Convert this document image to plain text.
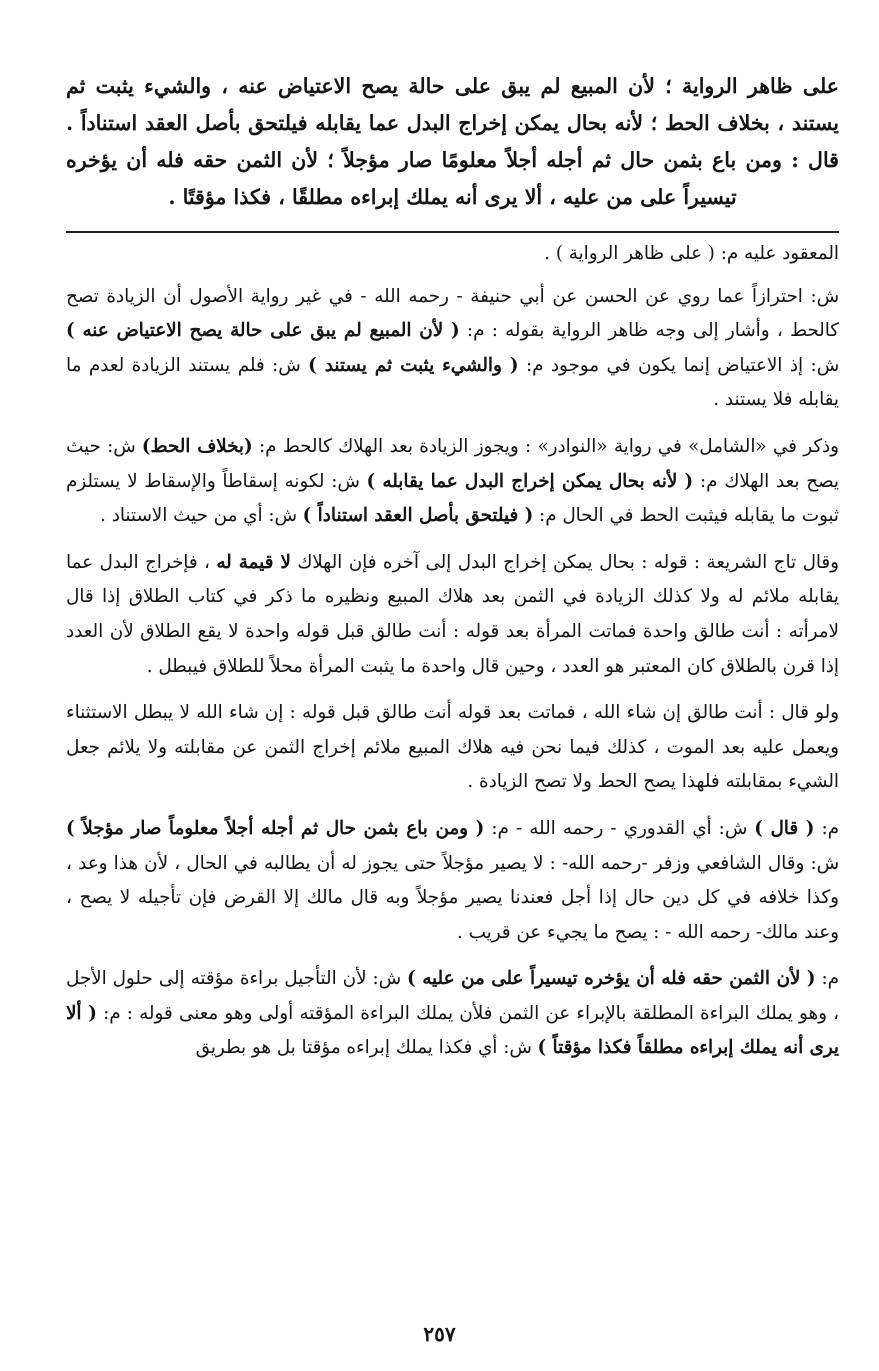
على ظاهر الرواية ؛ لأن المبيع لم يبق على حالة يصح الاعتياض عنه ، والشيء يثبت ثم يستند ، بخلاف الحط ؛ لأنه بحال يمكن إخراج البدل عما يقابله فيلتحق بأصل العقد استناداً . قال : ومن باع بثمن حال ثم أجله أجلاً معلومًا صار مؤجلاً ؛ لأن الثمن حقه فله أن يؤخره تيسيراً على من عليه ، ألا يرى أنه يملك إبراءه مطلقًا ، فكذا مؤقتًا .

المعقود عليه م: ( على ظاهر الرواية ) .

ش: احترازاً عما روي عن الحسن عن أبي حنيفة - رحمه الله - في غير رواية الأصول أن الزيادة تصح كالحط ، وأشار إلى وجه ظاهر الرواية بقوله : م: ( لأن المبيع لم يبق على حالة يصح الاعتياض عنه ) ش: إذ الاعتياض إنما يكون في موجود م: ( والشيء يثبت ثم يستند ) ش: فلم يستند الزيادة لعدم ما يقابله فلا يستند .

وذكر في «الشامل» في رواية «النوادر» : ويجوز الزيادة بعد الهلاك كالحط م: (بخلاف الحط) ش: حيث يصح بعد الهلاك م: ( لأنه بحال يمكن إخراج البدل عما يقابله ) ش: لكونه إسقاطاً والإسقاط لا يستلزم ثبوت ما يقابله فيثبت الحط في الحال م: ( فيلتحق بأصل العقد استناداً ) ش: أي من حيث الاستناد .

وقال تاج الشريعة : قوله : بحال يمكن إخراج البدل إلى آخره فإن الهلاك لا قيمة له ، فإخراج البدل عما يقابله ملائم له ولا كذلك الزيادة في الثمن بعد هلاك المبيع ونظيره ما ذكر في كتاب الطلاق إذا قال لامرأته : أنت طالق واحدة فماتت المرأة بعد قوله : أنت طالق قبل قوله واحدة لا يقع الطلاق لأن العدد إذا قرن بالطلاق كان المعتبر هو العدد ، وحين قال واحدة ما يثبت المرأة محلاً للطلاق فيبطل .

ولو قال : أنت طالق إن شاء الله ، فماتت بعد قوله أنت طالق قبل قوله : إن شاء الله لا يبطل الاستثناء ويعمل عليه بعد الموت ، كذلك فيما نحن فيه هلاك المبيع ملائم إخراج الثمن عن مقابلته ولا يلائم جعل الشيء بمقابلته فلهذا يصح الحط ولا تصح الزيادة .

م: ( قال ) ش: أي القدوري - رحمه الله - م: ( ومن باع بثمن حال ثم أجله أجلاً معلوماً صار مؤجلاً ) ش: وقال الشافعي وزفر -رحمه الله- : لا يصير مؤجلاً حتى يجوز له أن يطالبه في الحال ، لأن هذا وعد ، وكذا خلافه في كل دين حال إذا أجل فعندنا يصير مؤجلاً وبه قال مالك إلا القرض فإن تأجيله لا يصح ، وعند مالك- رحمه الله - : يصح ما يجيء عن قريب .

م: ( لأن الثمن حقه فله أن يؤخره تيسيراً على من عليه ) ش: لأن التأجيل براءة مؤقته إلى حلول الأجل ، وهو يملك البراءة المطلقة بالإبراء عن الثمن فلأن يملك البراءة المؤقته أولى وهو معنى قوله : م: ( ألا يرى أنه يملك إبراءه مطلقاً فكذا مؤقتاً ) ش: أي فكذا يملك إبراءه مؤقتا بل هو بطريق

٢٥٧
